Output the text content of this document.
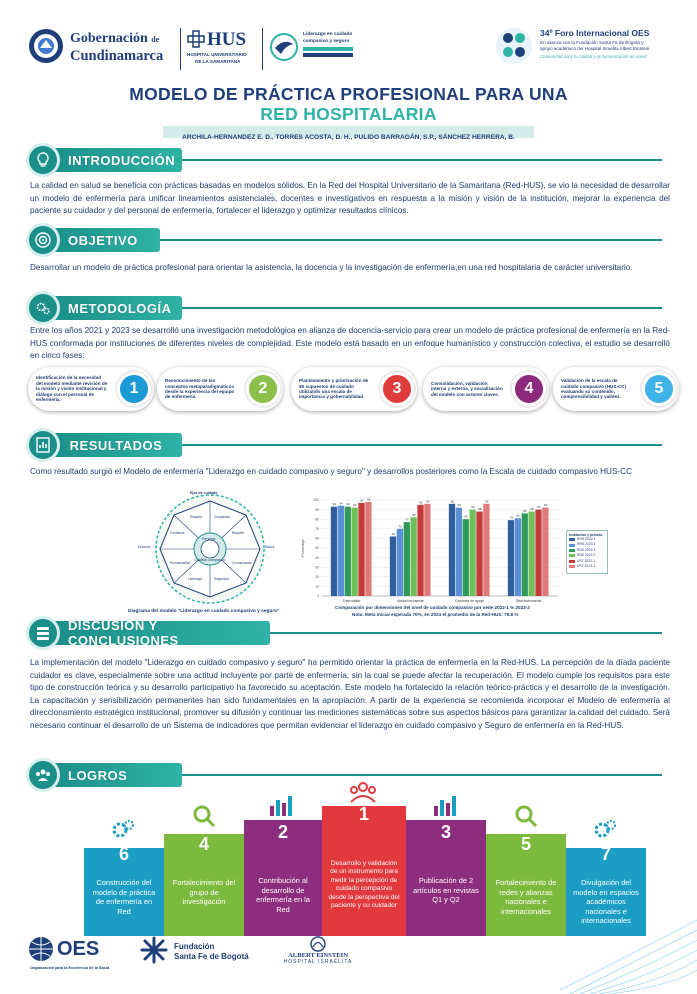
Gobernación de
Cundinamarca
HUS
HOSPITAL UNIVERSITARIO
DE LA SAMARITANA
Liderazgo en cuidado
compasivo y seguro
34º Foro Internacional OES
En alianza con la Fundación Santa Fe de Bogotá y
apoyo académico del Hospital Israelita Albert Einstein
Comunidad para la calidad y la humanización en salud
MODELO DE PRÁCTICA PROFESIONAL PARA UNA
RED HOSPITALARIA
ARCHILA-HERNANDEZ E. D., TORRES ACOSTA, D. H., PULIDO BARRAGÁN, S.P., SÁNCHEZ HERRERA, B.
INTRODUCCIÓN

La calidad en salud se beneficia con prácticas basadas en modelos sólidos. En la Red del Hospital Universitario de la Samaritana (Red-HUS), se vio la necesidad de desarrollar un modelo de enfermería para unificar lineamientos asistenciales, docentes e investigativos en respuesta a la misión y visión de la institución, mejorar la experiencia del paciente su cuidador y del personal de enfermería, fortalecer el liderazgo y optimizar resultados clínicos.

OBJETIVO

Desarrollar un modelo de práctica profesional para orientar la asistencia, la docencia y la investigación de enfermería,en una red hospitalaria de carácter universitario.

METODOLOGÍA

Entre los años 2021 y 2023 se desarrolló una investigación metodológica en alianza de docencia-servicio para crear un modelo de práctica profesional de enfermería en la Red-HUS conformada por instituciones de diferentes niveles de complejidad. Este modelo está basado en un enfoque humanístico y construcción colectiva, el estudio se desarrolló en cinco fases:

Identificación de la necesidad del modelo mediante revisión de la misión y visión institucional y diálogo con el personal de enfermería.
1	Reconocimiento de los conceptos metaparadigmáticos desde la experiencia del equipo de enfermería.	2	Planteamiento y priorización de 55 supuestos de cuidado utilizando una escala de importancia y gobernabilidad.	3	Consolidación, validación interna y externa, y socialización del modelo con actores claves.	4	Validación de la escala de cuidado compasivo (HUS-CC) evaluando su contenido, comprensibilidad y validez.	5
RESULTADOS

Como resultado surgió el Modelo de enfermería "Liderazgo en cuidado compasivo y seguro" y desarrollos posteriores como la Escala de cuidado compasivo HUS-CC

Ejes de cuidado
Persona
Cuidado compasivo
Entorno	Salud
Compasión
Respeto
Comunicación
Seguridad
Liderazgo
Humanización
Confianza
Empatía
Diagrama del modelo "Liderazgo en cuidado compasivo y seguro"
0
10
20
30
40
50
60
70
80
90
100
Porcentaje
93 94 93 92
97 98
Trato cálido
62
70
77
82
95 96
Actitud incluyente
96
92
80
90 88
96
Conducta de apoyo
79 81
86 88 90 92
Total instrumento
Institución y periodo
RHS 2022-1
RHS 2023-1
RHZ 2022-1
RHZ 2022-2
UFZ 2022-1
UFZ 2023-1
Comparación por dimensiones del nivel de cuidado compasivo por sede 2022-1 % 2023-2
Nota: Meta inicial esperada 70%, en 2024 el promedio de la Red-HUS: 79.8 %
DISCUSIÓN Y CONCLUSIONES

La implementación del modelo "Liderazgo en cuidado compasivo y seguro" ha permitido orientar la práctica de enfermería en la Red-HUS. La percepción de la díada paciente cuidador es clave, especialmente sobre una actitud incluyente por parte de enfermería, sin la cual se puede afectar la recuperación. El modelo cumple los requisitos para este tipo de construcción teórica y su desarrollo participativo ha favorecido su aceptación. Este modelo ha fortalecido la relación teórico-práctica y el desarrollo de la investigación. La capacitación y sensibilización permanentes han sido fundamentales en la apropiación. A partir de la experiencia se recomienda incorporar el Modelo de enfermería al direccionamiento estratégico institucional, promover su difusión y continuar las mediciones sistemáticas sobre sus aspectos básicos para garantizar la calidad del cuidado. Será necesario continuar el desarrollo de un Sistema de indicadores que permitan evidenciar el liderazgo en cuidado compasivo y Seguro de enfermería en la Red-HUS.

LOGROS
6
Construcción del modelo de práctica de enfermería en Red
4
Fortalecimiento del grupo de investigación
2
Contribución al desarrollo de enfermería en la Red
1
Desarrollo y validación de un instrumento para medir la percepción de cuidado compasivo desde la perspectiva del paciente y su cuidador
3
Publicación de 2 artículos en revistas Q1 y Q2
5
Fortalecimiento de redes y alianzas nacionales e internacionales
7
Divulgación del modelo en espacios académicos nacionales e internacionales
OES
Organización para la Excelencia de la Salud
Fundación
Santa Fe de Bogotá	ALBERT EINSTEIN
HOSPITAL ISRAELITA
